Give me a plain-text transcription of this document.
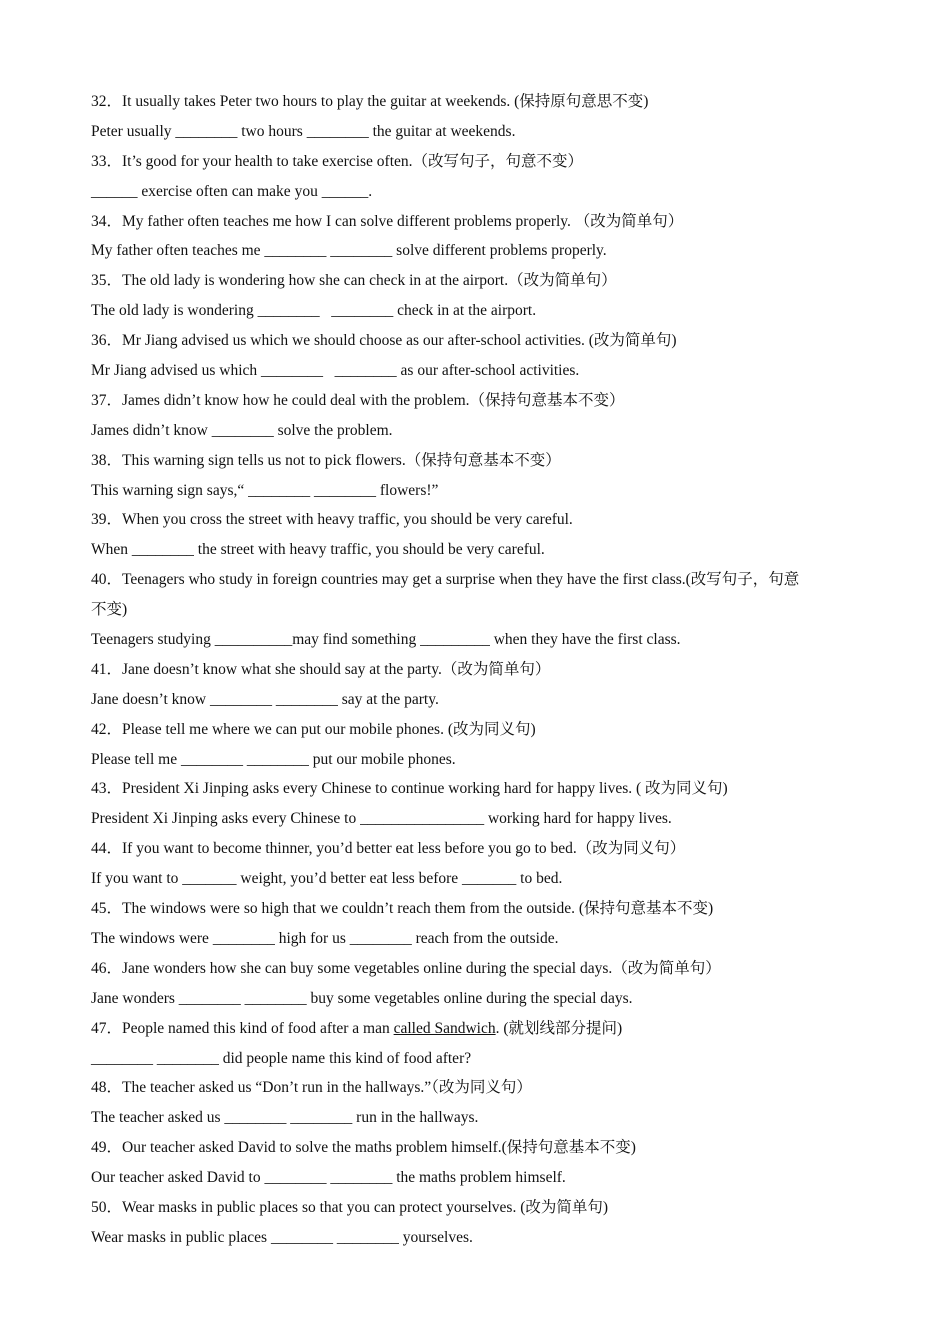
32．It usually takes Peter two hours to play the guitar at weekends. (保持原句意思不变)
Peter usually ________ two hours ________ the guitar at weekends.
33．It’s good for your health to take exercise often.（改写句子，句意不变）
______ exercise often can make you ______.
34．My father often teaches me how I can solve different problems properly. （改为简单句）
My father often teaches me ________ ________ solve different problems properly.
35．The old lady is wondering how she can check in at the airport.（改为简单句）
The old lady is wondering ________   ________ check in at the airport.
36．Mr Jiang advised us which we should choose as our after-school activities. (改为简单句)
Mr Jiang advised us which ________   ________ as our after-school activities.
37．James didn’t know how he could deal with the problem.（保持句意基本不变）
James didn’t know ________ solve the problem.
38．This warning sign tells us not to pick flowers.（保持句意基本不变）
This warning sign says,“ ________ ________ flowers!”
39．When you cross the street with heavy traffic, you should be very careful.
When ________ the street with heavy traffic, you should be very careful.
40．Teenagers who study in foreign countries may get a surprise when they have the first class.(改写句子，句意
不变)
Teenagers studying __________may find something _________ when they have the first class.
41．Jane doesn’t know what she should say at the party.（改为简单句）
Jane doesn’t know ________ ________ say at the party.
42．Please tell me where we can put our mobile phones. (改为同义句)
Please tell me ________ ________ put our mobile phones.
43．President Xi Jinping asks every Chinese to continue working hard for happy lives. ( 改为同义句)
President Xi Jinping asks every Chinese to ________________ working hard for happy lives.
44．If you want to become thinner, you’d better eat less before you go to bed.（改为同义句）
If you want to _______ weight, you’d better eat less before _______ to bed.
45．The windows were so high that we couldn’t reach them from the outside. (保持句意基本不变)
The windows were ________ high for us ________ reach from the outside.
46．Jane wonders how she can buy some vegetables online during the special days.（改为简单句）
Jane wonders ________ ________ buy some vegetables online during the special days.
47．People named this kind of food after a man called Sandwich. (就划线部分提问)
________ ________ did people name this kind of food after?
48．The teacher asked us “Don’t run in the hallways.”（改为同义句）
The teacher asked us ________ ________ run in the hallways.
49．Our teacher asked David to solve the maths problem himself.(保持句意基本不变)
Our teacher asked David to ________ ________ the maths problem himself.
50．Wear masks in public places so that you can protect yourselves. (改为简单句)
Wear masks in public places ________ ________ yourselves.
